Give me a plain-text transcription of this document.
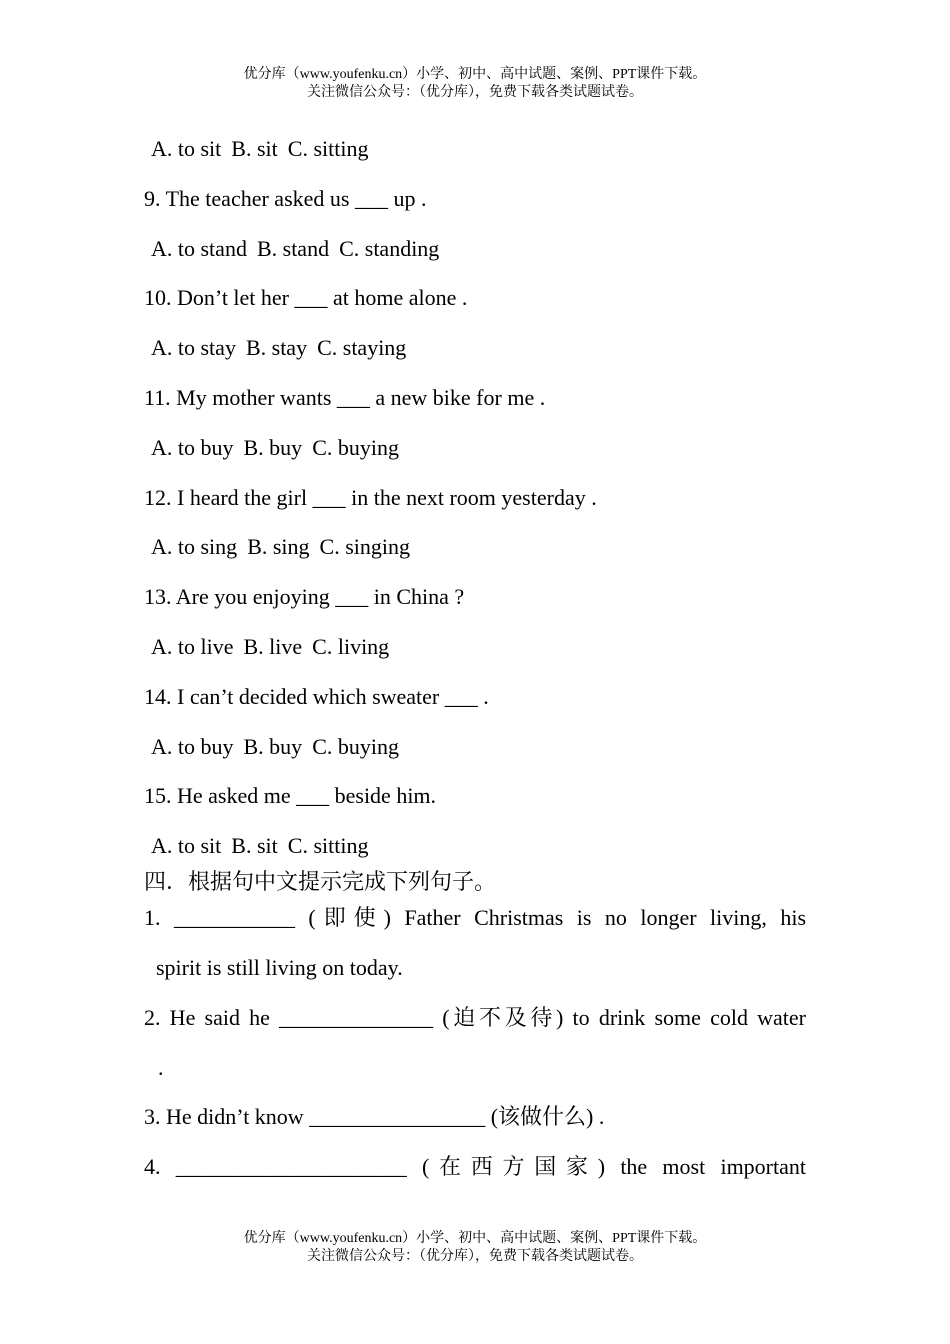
优分库（www.youfenku.cn）小学、初中、高中试题、案例、PPT课件下载。
关注微信公众号：（优分库），免费下载各类试题试卷。
A. to sit B. sit C. sitting
9. The teacher asked us ___ up .
A. to stand B. stand C. standing
10. Don’t let her ___ at home alone .
A. to stay B. stay C. staying
11. My mother wants ___ a new bike for me .
A. to buy B. buy C. buying
12. I heard the girl ___ in the next room yesterday .
A. to sing B. sing C. singing
13. Are you enjoying ___ in China ?
A. to live B. live C. living
14. I can’t decided which sweater ___ .
A. to buy B. buy C. buying
15. He asked me ___ beside him.
A. to sit B. sit C. sitting
四．根据句中文提示完成下列句子。
1. ___________ (即使) Father Christmas is no longer living, his
spirit is still living on today.
2. He said he ______________ (迫不及待) to drink some cold water
.
3. He didn’t know ________________ (该做什么) .
4. _____________________ (在西方国家) the most important
优分库（www.youfenku.cn）小学、初中、高中试题、案例、PPT课件下载。
关注微信公众号：（优分库），免费下载各类试题试卷。
